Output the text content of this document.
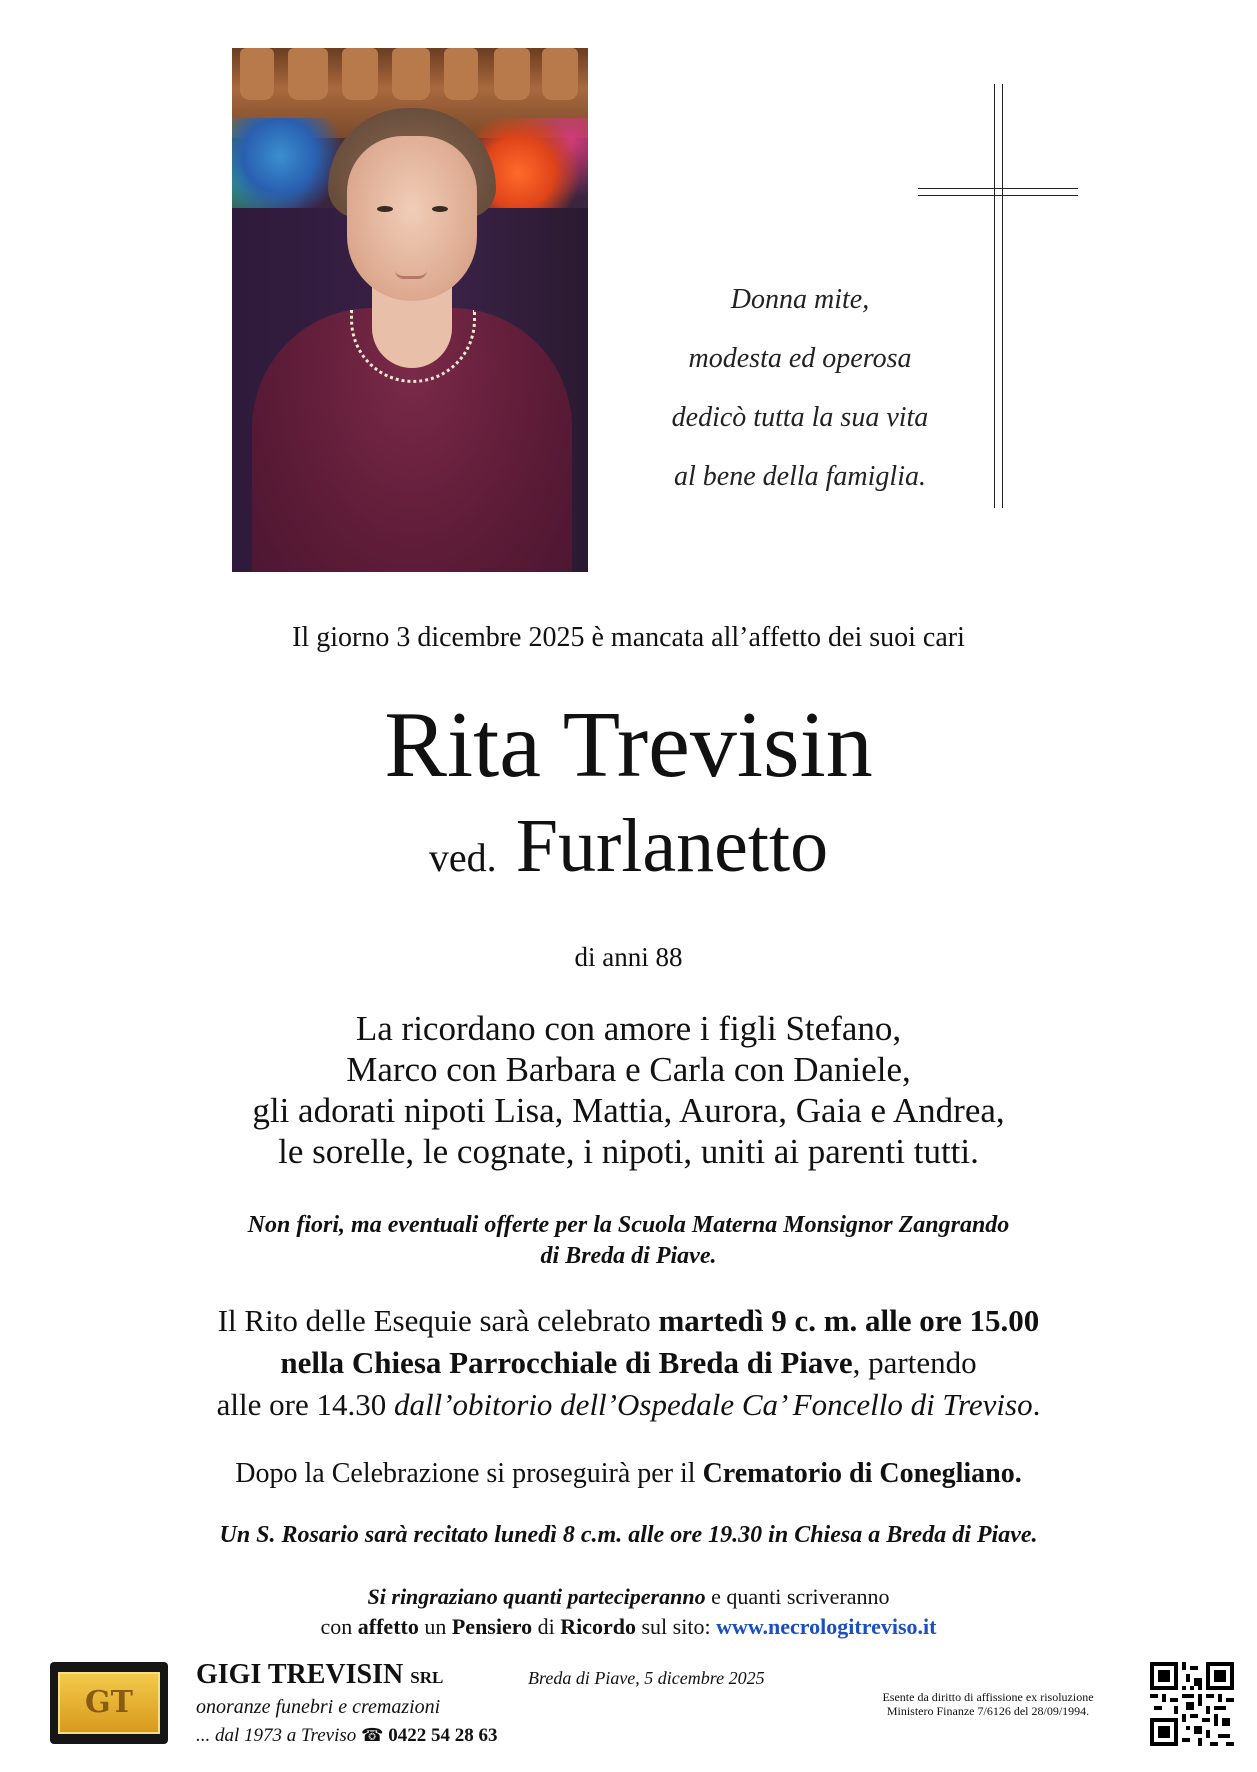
Donna mite,
modesta ed operosa
dedicò tutta la sua vita
al bene della famiglia.
Il giorno 3 dicembre 2025 è mancata all’affetto dei suoi cari
Rita Trevisin
ved. Furlanetto
di anni 88
La ricordano con amore i figli Stefano,
Marco con Barbara e Carla con Daniele,
gli adorati nipoti Lisa, Mattia, Aurora, Gaia e Andrea,
le sorelle, le cognate, i nipoti, uniti ai parenti tutti.
Non fiori, ma eventuali offerte per la Scuola Materna Monsignor Zangrando
di Breda di Piave.
Il Rito delle Esequie sarà celebrato martedì 9 c. m. alle ore 15.00
nella Chiesa Parrocchiale di Breda di Piave, partendo
alle ore 14.30 dall’obitorio dell’Ospedale Ca’ Foncello di Treviso.
Dopo la Celebrazione si proseguirà per il Crematorio di Conegliano.
Un S. Rosario sarà recitato lunedì 8 c.m. alle ore 19.30 in Chiesa a Breda di Piave.
Si ringraziano quanti parteciperanno e quanti scriveranno
con affetto un Pensiero di Ricordo sul sito: www.necrologitreviso.it
GT
GIGI TREVISIN SRL
onoranze funebri e cremazioni
... dal 1973 a Treviso ☎ 0422 54 28 63
Breda di Piave, 5 dicembre 2025
Esente da diritto di affissione ex risoluzione
Ministero Finanze 7/6126 del 28/09/1994.
